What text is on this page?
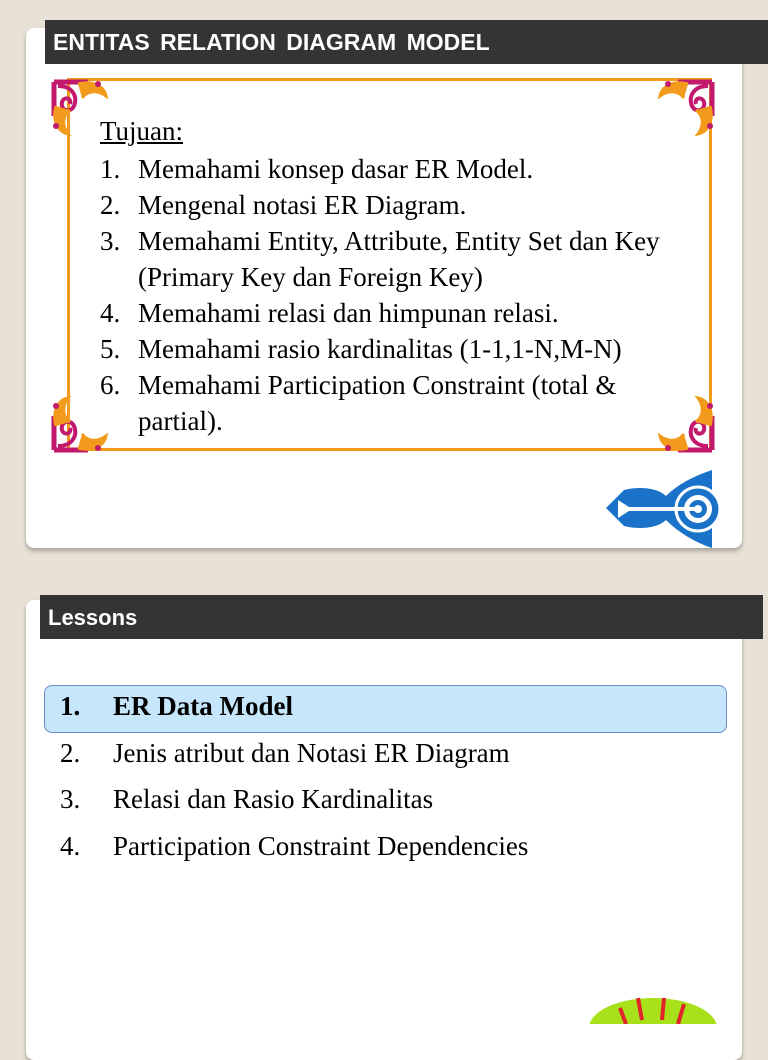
ENTITAS RELATION DIAGRAM MODEL
Tujuan:
1. Memahami konsep dasar ER Model.
2. Mengenal notasi ER Diagram.
3. Memahami Entity, Attribute, Entity Set dan Key (Primary Key dan Foreign Key)
4. Memahami relasi dan himpunan relasi.
5. Memahami rasio kardinalitas (1-1,1-N,M-N)
6. Memahami Participation Constraint (total & partial).
Lessons
1. ER Data Model
2. Jenis atribut dan Notasi ER Diagram
3. Relasi dan Rasio Kardinalitas
4. Participation Constraint Dependencies
